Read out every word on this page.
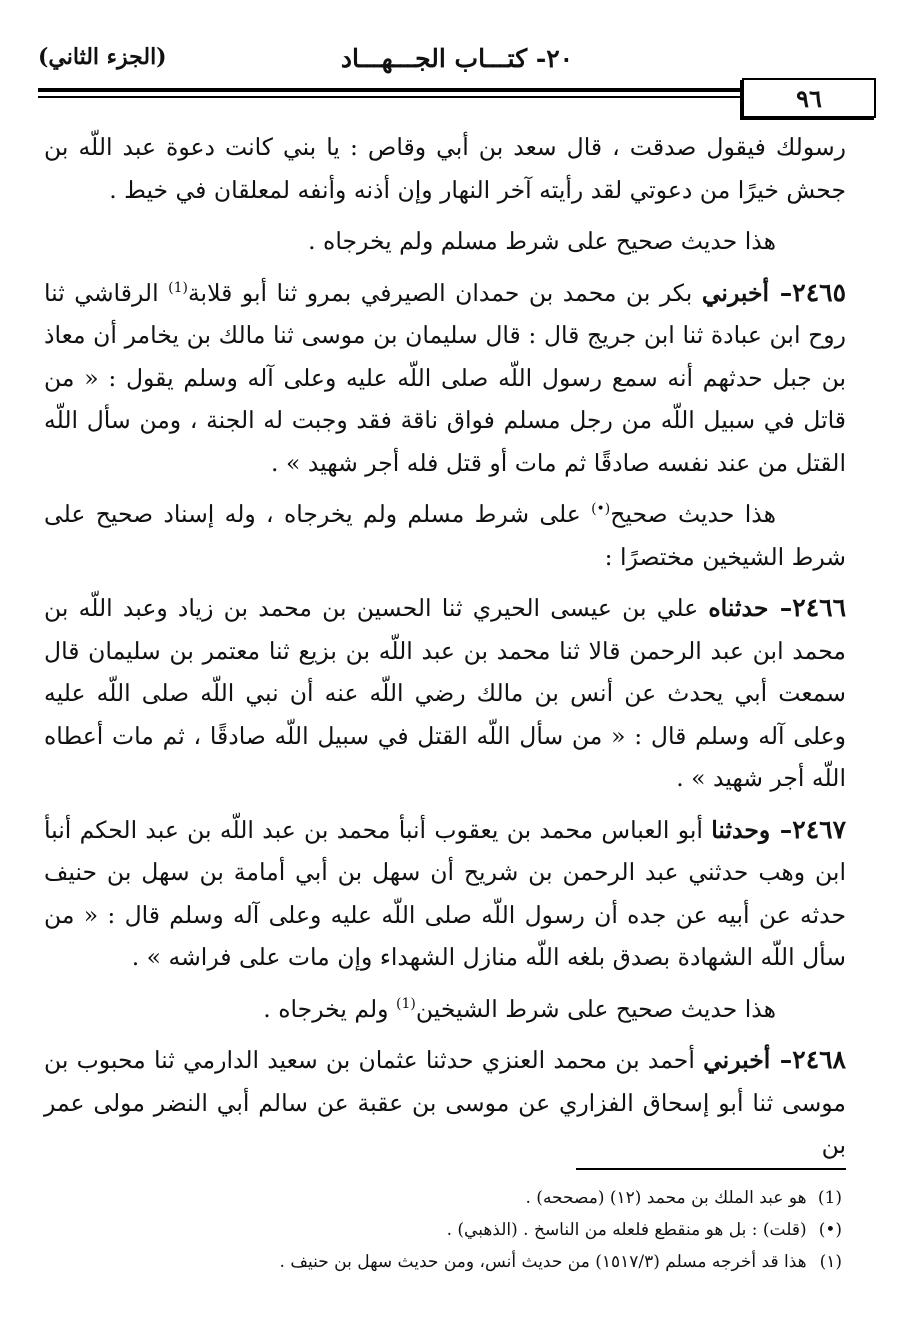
(الجزء الثاني)	٢٠- كتـــاب الجـــهـــاد
٩٦

رسولك فيقول صدقت ، قال سعد بن أبي وقاص : يا بني كانت دعوة عبد اللّه بن جحش خيرًا من دعوتي لقد رأيته آخر النهار وإن أذنه وأنفه لمعلقان في خيط .

هذا حديث صحيح على شرط مسلم ولم يخرجاه .

٢٤٦٥– أخبرني بكر بن محمد بن حمدان الصيرفي بمرو ثنا أبو قلابة$^{(1)}$ الرقاشي ثنا روح ابن عبادة ثنا ابن جريج قال : قال سليمان بن موسى ثنا مالك بن يخامر أن معاذ بن جبل حدثهم أنه سمع رسول اللّه صلى اللّه عليه وعلى آله وسلم يقول : « من قاتل في سبيل اللّه من رجل مسلم فواق ناقة فقد وجبت له الجنة ، ومن سأل اللّه القتل من عند نفسه صادقًا ثم مات أو قتل فله أجر شهيد » .

هذا حديث صحيح(•) على شرط مسلم ولم يخرجاه ، وله إسناد صحيح على شرط الشيخين مختصرًا :

٢٤٦٦– حدثناه علي بن عيسى الحيري ثنا الحسين بن محمد بن زياد وعبد اللّه بن محمد ابن عبد الرحمن قالا ثنا محمد بن عبد اللّه بن بزيع ثنا معتمر بن سليمان قال سمعت أبي يحدث عن أنس بن مالك رضي اللّه عنه أن نبي اللّه صلى اللّه عليه وعلى آله وسلم قال : « من سأل اللّه القتل في سبيل اللّه صادقًا ، ثم مات أعطاه اللّه أجر شهيد » .

٢٤٦٧– وحدثنا أبو العباس محمد بن يعقوب أنبأ محمد بن عبد اللّه بن عبد الحكم أنبأ ابن وهب حدثني عبد الرحمن بن شريح أن سهل بن أبي أمامة بن سهل بن حنيف حدثه عن أبيه عن جده أن رسول اللّه صلى اللّه عليه وعلى آله وسلم قال : « من سأل اللّه الشهادة بصدق بلغه اللّه منازل الشهداء وإن مات على فراشه » .

هذا حديث صحيح على شرط الشيخين$^{(1)}$ ولم يخرجاه .

٢٤٦٨– أخبرني أحمد بن محمد العنزي حدثنا عثمان بن سعيد الدارمي ثنا محبوب بن موسى ثنا أبو إسحاق الفزاري عن موسى بن عقبة عن سالم أبي النضر مولى عمر بن

(1) هو عبد الملك بن محمد (١٢) (مصححه) .

(•) (قلت) : بل هو منقطع فلعله من الناسخ . (الذهبي) .

(١) هذا قد أخرجه مسلم (١٥١٧/٣) من حديث أنس، ومن حديث سهل بن حنيف .
